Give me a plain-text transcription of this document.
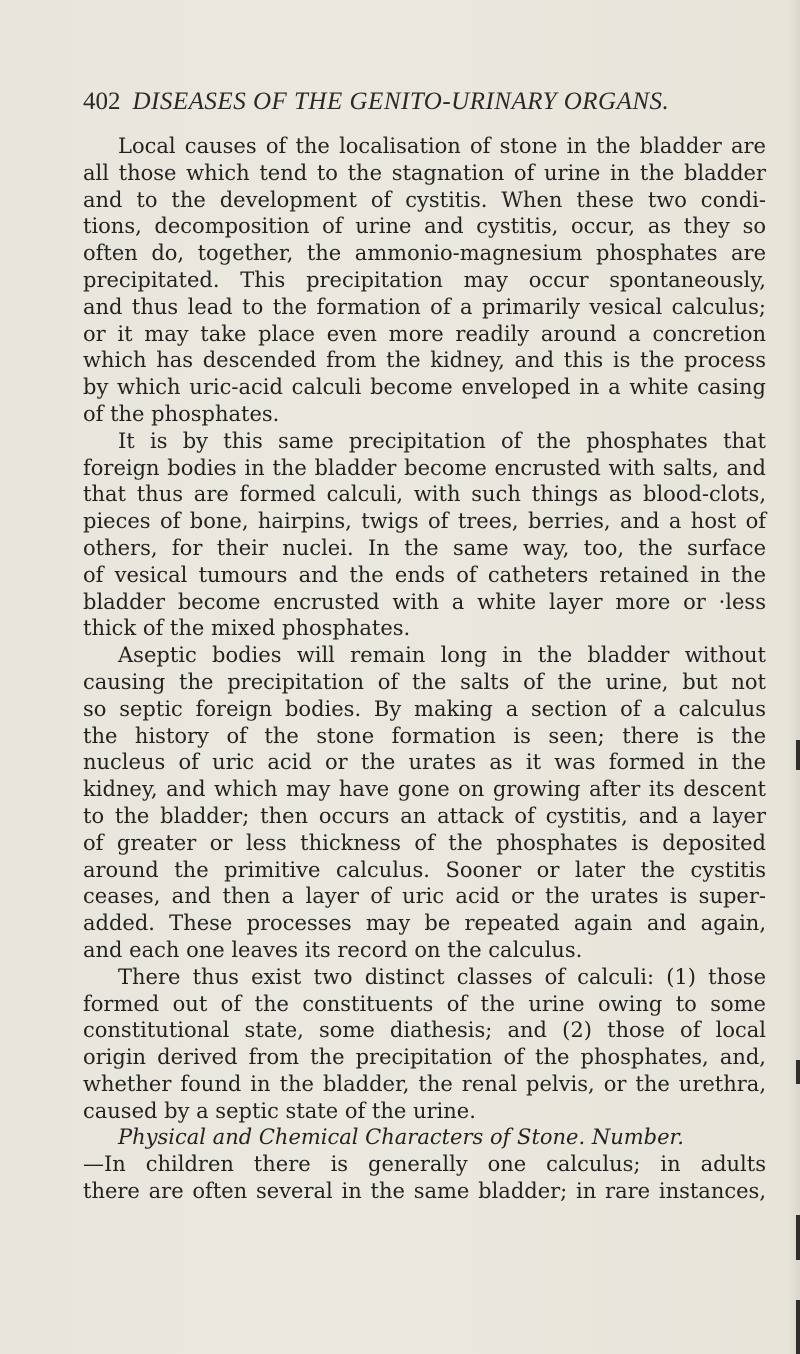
402 DISEASES OF THE GENITO-URINARY ORGANS.
Local causes of the localisation of stone in the bladder are
all those which tend to the stagnation of urine in the bladder
and to the development of cystitis. When these two condi-
tions, decomposition of urine and cystitis, occur, as they so
often do, together, the ammonio-magnesium phosphates are
precipitated. This precipitation may occur spontaneously,
and thus lead to the formation of a primarily vesical calculus;
or it may take place even more readily around a concretion
which has descended from the kidney, and this is the process
by which uric-acid calculi become enveloped in a white casing
of the phosphates.
It is by this same precipitation of the phosphates that
foreign bodies in the bladder become encrusted with salts, and
that thus are formed calculi, with such things as blood-clots,
pieces of bone, hairpins, twigs of trees, berries, and a host of
others, for their nuclei. In the same way, too, the surface
of vesical tumours and the ends of catheters retained in the
bladder become encrusted with a white layer more or ·less
thick of the mixed phosphates.
Aseptic bodies will remain long in the bladder without
causing the precipitation of the salts of the urine, but not
so septic foreign bodies. By making a section of a calculus
the history of the stone formation is seen; there is the
nucleus of uric acid or the urates as it was formed in the
kidney, and which may have gone on growing after its descent
to the bladder; then occurs an attack of cystitis, and a layer
of greater or less thickness of the phosphates is deposited
around the primitive calculus. Sooner or later the cystitis
ceases, and then a layer of uric acid or the urates is super-
added. These processes may be repeated again and again,
and each one leaves its record on the calculus.
There thus exist two distinct classes of calculi: (1) those
formed out of the constituents of the urine owing to some
constitutional state, some diathesis; and (2) those of local
origin derived from the precipitation of the phosphates, and,
whether found in the bladder, the renal pelvis, or the urethra,
caused by a septic state of the urine.
Physical and Chemical Characters of Stone. Number.
—In children there is generally one calculus; in adults
there are often several in the same bladder; in rare instances,
